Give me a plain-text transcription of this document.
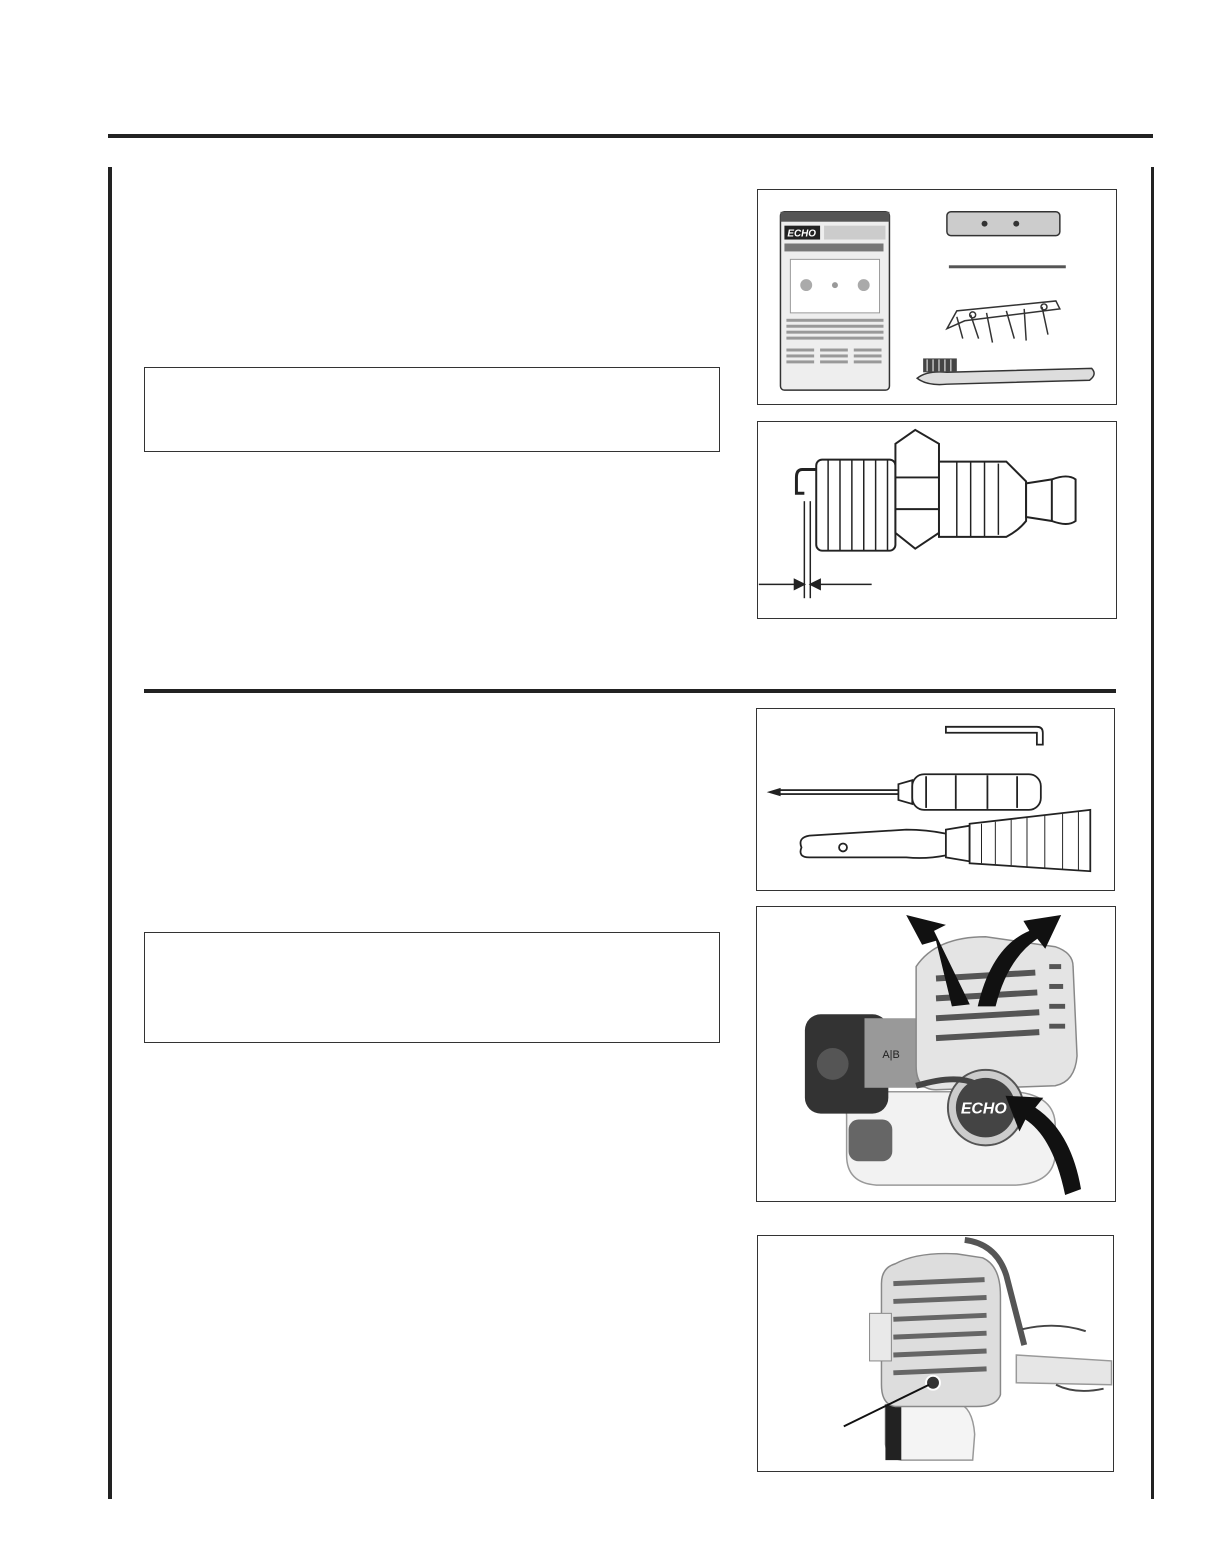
ECHO
A|B
ECHO
